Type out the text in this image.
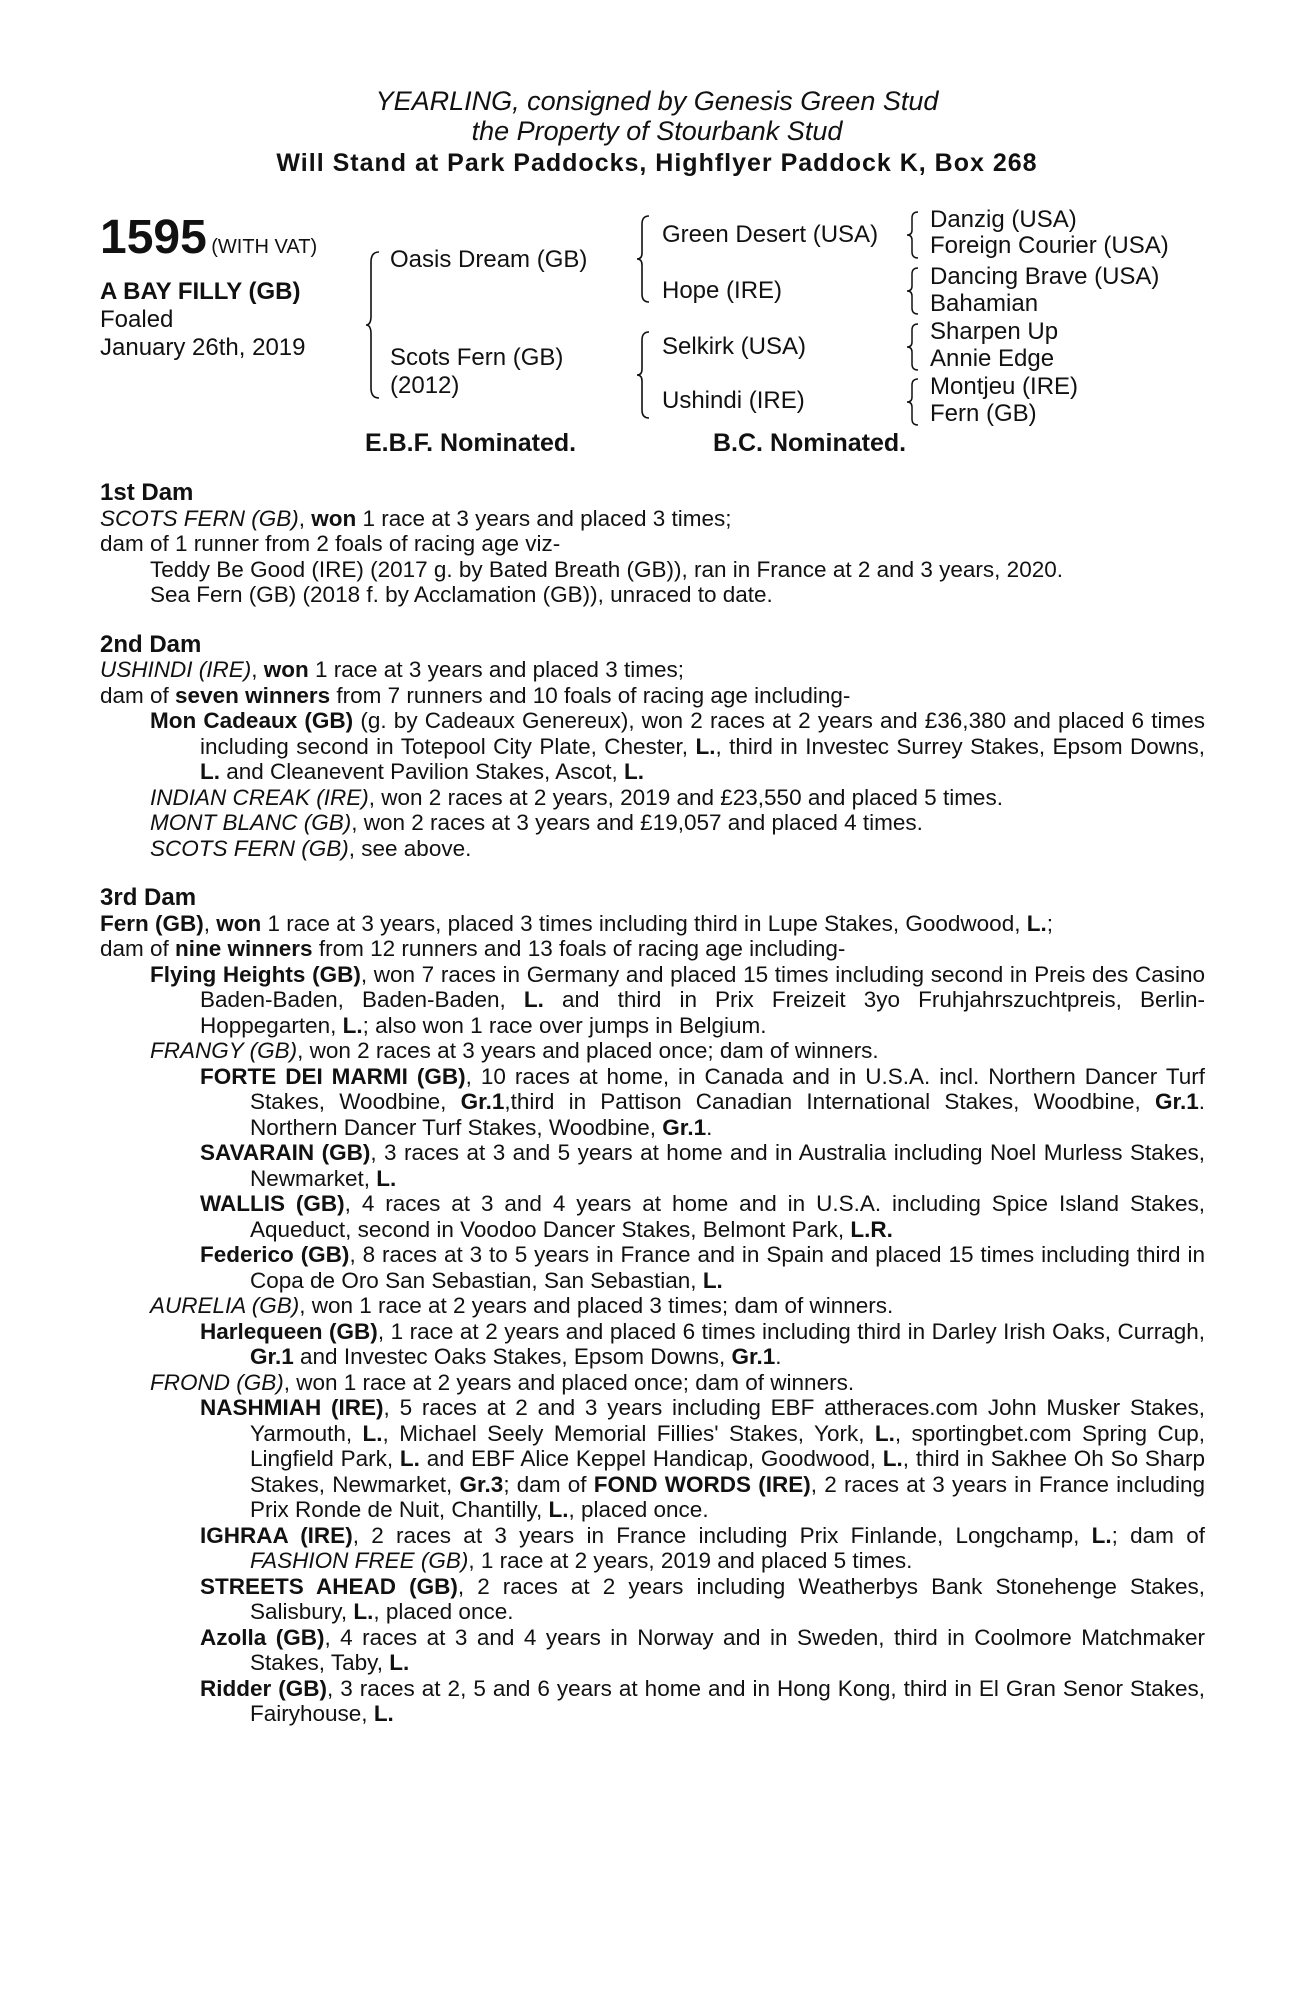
YEARLING, consigned by Genesis Green Stud
the Property of Stourbank Stud
Will Stand at Park Paddocks, Highflyer Paddock K, Box 268
1595 (WITH VAT)
A BAY FILLY (GB)
Foaled
January 26th, 2019
Oasis Dream (GB)
Scots Fern (GB)
(2012)
Green Desert (USA)
Hope (IRE)
Selkirk (USA)
Ushindi (IRE)
Danzig (USA)
Foreign Courier (USA)
Dancing Brave (USA)
Bahamian
Sharpen Up
Annie Edge
Montjeu (IRE)
Fern (GB)
E.B.F. Nominated.	B.C. Nominated.
1st Dam
SCOTS FERN (GB), won 1 race at 3 years and placed 3 times;
dam of 1 runner from 2 foals of racing age viz-
Teddy Be Good (IRE) (2017 g. by Bated Breath (GB)), ran in France at 2 and 3 years, 2020.
Sea Fern (GB) (2018 f. by Acclamation (GB)), unraced to date.
2nd Dam
USHINDI (IRE), won 1 race at 3 years and placed 3 times;
dam of seven winners from 7 runners and 10 foals of racing age including-
Mon Cadeaux (GB) (g. by Cadeaux Genereux), won 2 races at 2 years and £36,380 and placed 6 times including second in Totepool City Plate, Chester, L., third in Investec Surrey Stakes, Epsom Downs, L. and Cleanevent Pavilion Stakes, Ascot, L.
INDIAN CREAK (IRE), won 2 races at 2 years, 2019 and £23,550 and placed 5 times.
MONT BLANC (GB), won 2 races at 3 years and £19,057 and placed 4 times.
SCOTS FERN (GB), see above.
3rd Dam
Fern (GB), won 1 race at 3 years, placed 3 times including third in Lupe Stakes, Goodwood, L.;
dam of nine winners from 12 runners and 13 foals of racing age including-
Flying Heights (GB), won 7 races in Germany and placed 15 times including second in Preis des Casino Baden-Baden, Baden-Baden, L. and third in Prix Freizeit 3yo Fruhjahrszuchtpreis, Berlin-Hoppegarten, L.; also won 1 race over jumps in Belgium.
FRANGY (GB), won 2 races at 3 years and placed once; dam of winners.
FORTE DEI MARMI (GB), 10 races at home, in Canada and in U.S.A. incl. Northern Dancer Turf Stakes, Woodbine, Gr.1,third in Pattison Canadian International Stakes, Woodbine, Gr.1. Northern Dancer Turf Stakes, Woodbine, Gr.1.
SAVARAIN (GB), 3 races at 3 and 5 years at home and in Australia including Noel Murless Stakes, Newmarket, L.
WALLIS (GB), 4 races at 3 and 4 years at home and in U.S.A. including Spice Island Stakes, Aqueduct, second in Voodoo Dancer Stakes, Belmont Park, L.R.
Federico (GB), 8 races at 3 to 5 years in France and in Spain and placed 15 times including third in Copa de Oro San Sebastian, San Sebastian, L.
AURELIA (GB), won 1 race at 2 years and placed 3 times; dam of winners.
Harlequeen (GB), 1 race at 2 years and placed 6 times including third in Darley Irish Oaks, Curragh, Gr.1 and Investec Oaks Stakes, Epsom Downs, Gr.1.
FROND (GB), won 1 race at 2 years and placed once; dam of winners.
NASHMIAH (IRE), 5 races at 2 and 3 years including EBF attheraces.com John Musker Stakes, Yarmouth, L., Michael Seely Memorial Fillies' Stakes, York, L., sportingbet.com Spring Cup, Lingfield Park, L. and EBF Alice Keppel Handicap, Goodwood, L., third in Sakhee Oh So Sharp Stakes, Newmarket, Gr.3; dam of FOND WORDS (IRE), 2 races at 3 years in France including Prix Ronde de Nuit, Chantilly, L., placed once.
IGHRAA (IRE), 2 races at 3 years in France including Prix Finlande, Longchamp, L.; dam of FASHION FREE (GB), 1 race at 2 years, 2019 and placed 5 times.
STREETS AHEAD (GB), 2 races at 2 years including Weatherbys Bank Stonehenge Stakes, Salisbury, L., placed once.
Azolla (GB), 4 races at 3 and 4 years in Norway and in Sweden, third in Coolmore Matchmaker Stakes, Taby, L.
Ridder (GB), 3 races at 2, 5 and 6 years at home and in Hong Kong, third in El Gran Senor Stakes, Fairyhouse, L.
